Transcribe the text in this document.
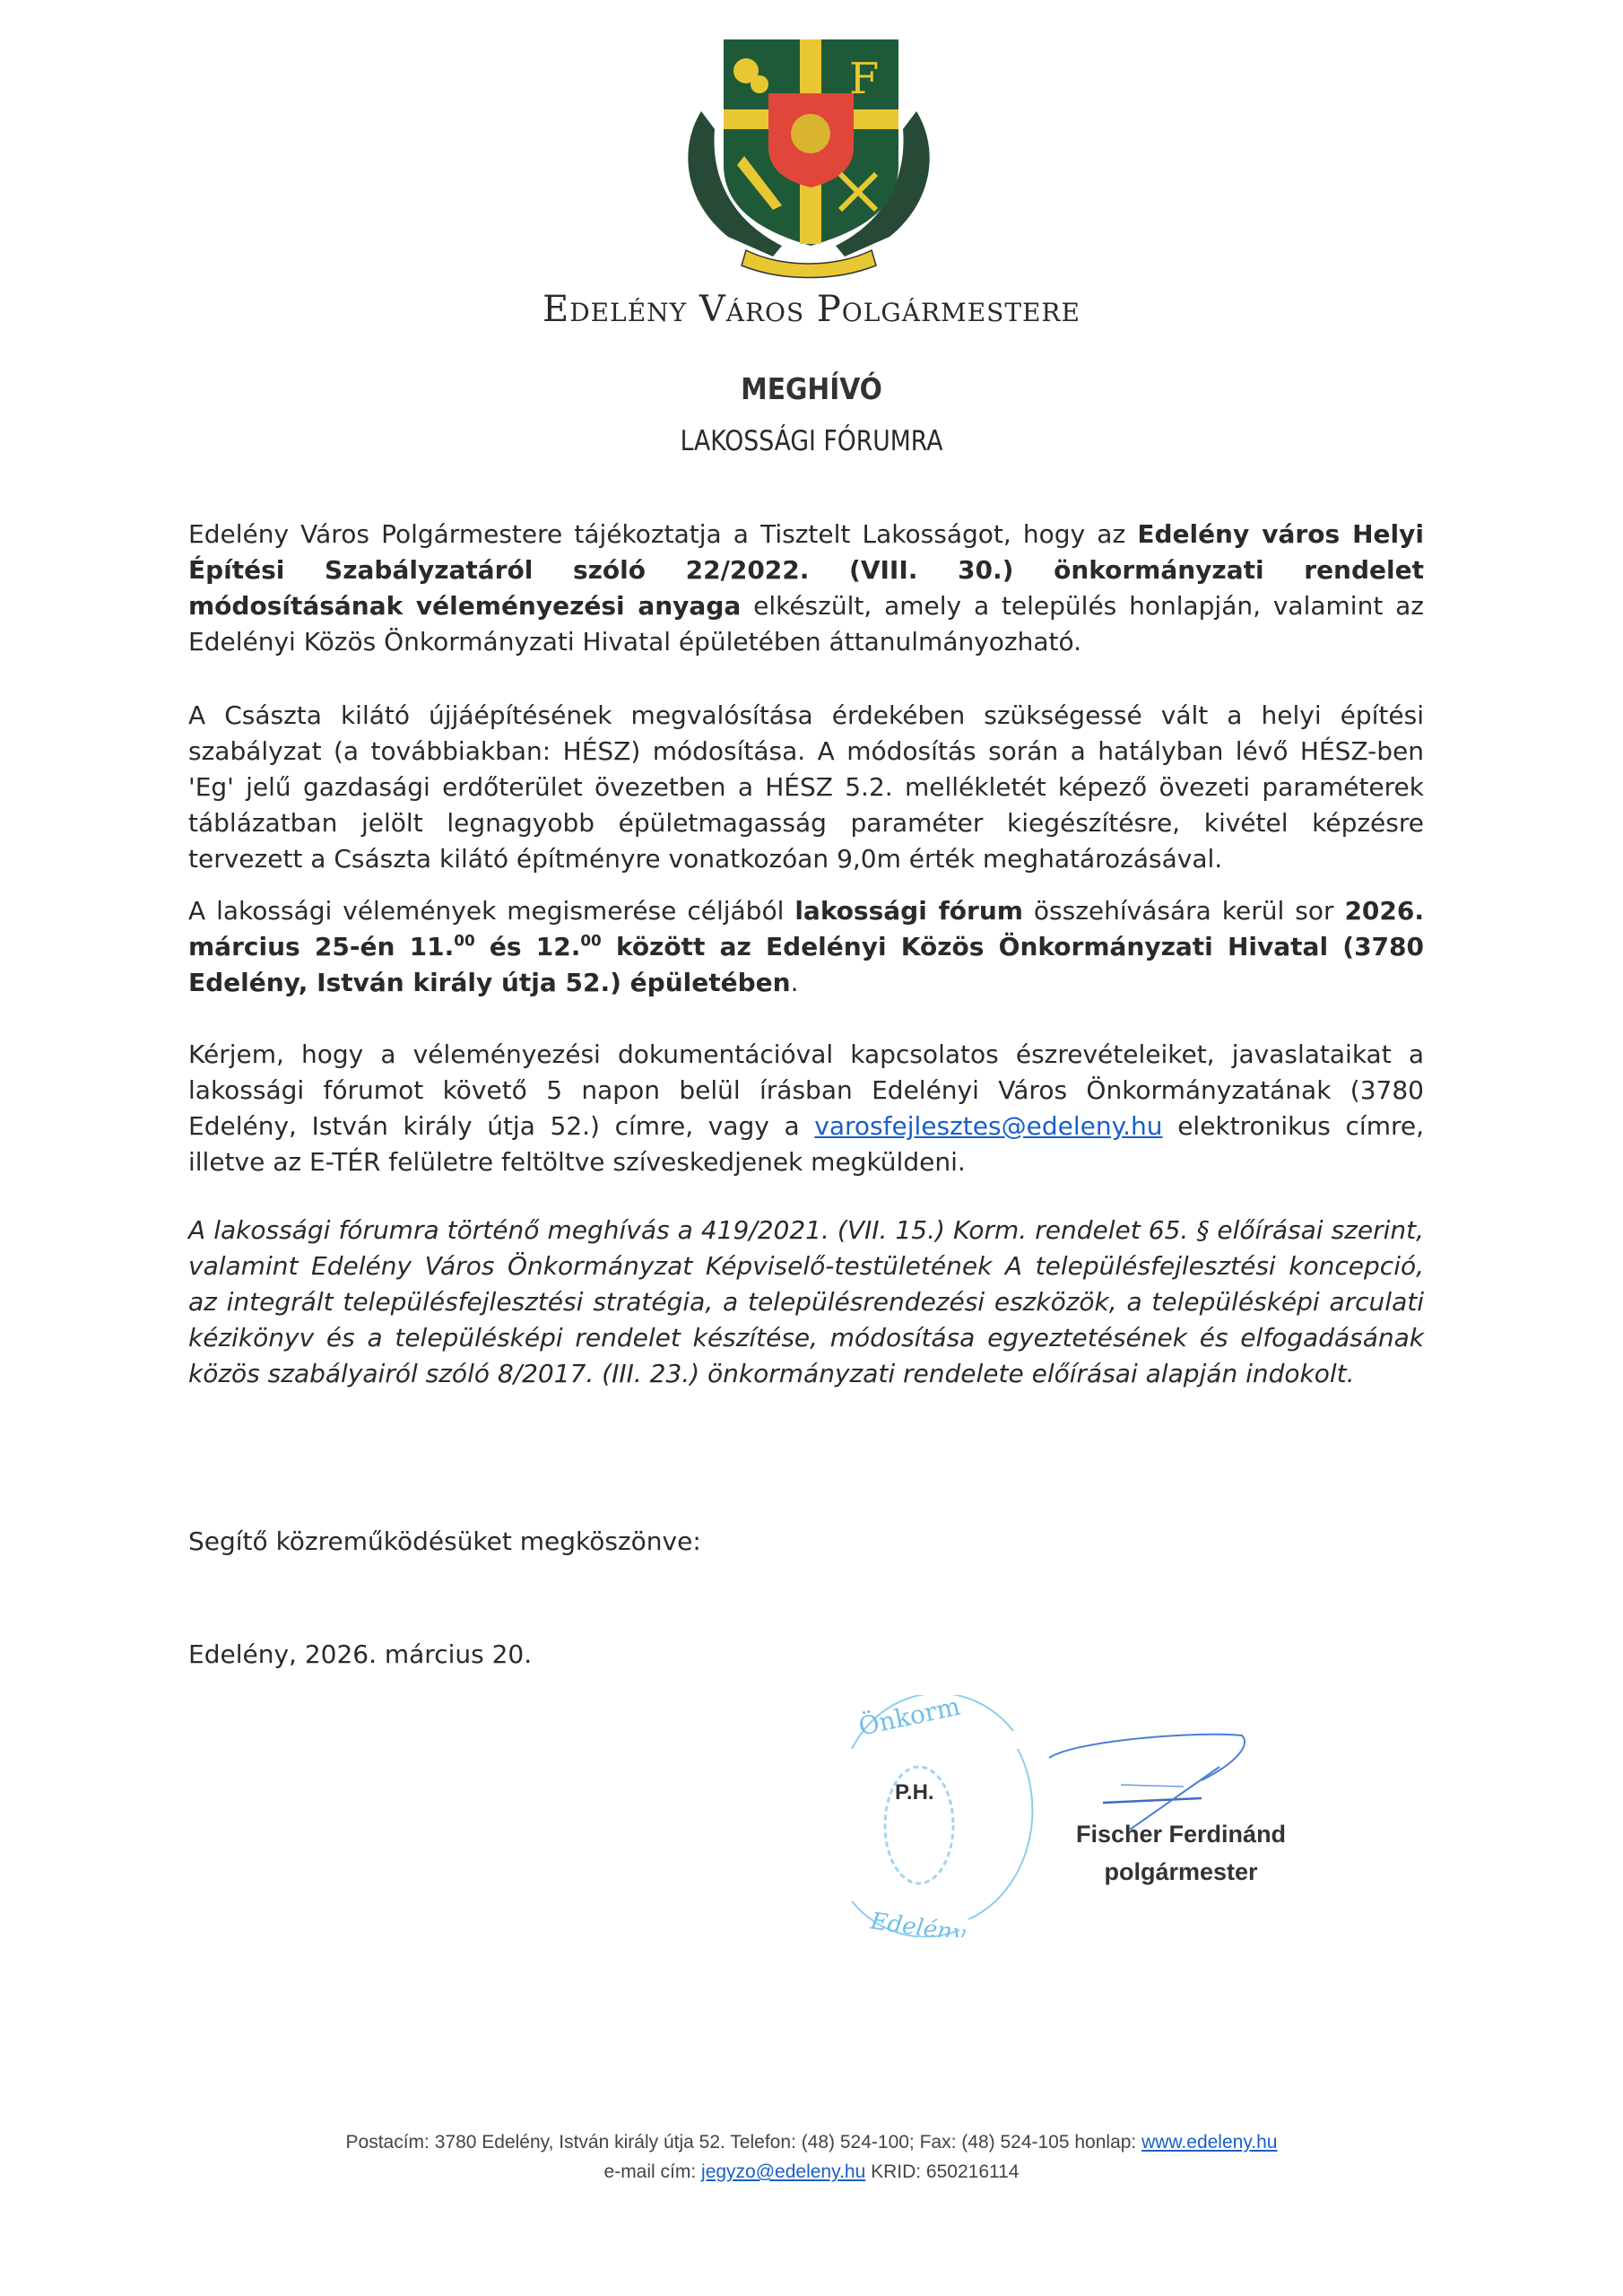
F
Edelény Város Polgármestere
MEGHÍVÓ
LAKOSSÁGI FÓRUMRA
Edelény Város Polgármestere tájékoztatja a Tisztelt Lakosságot, hogy az Edelény város Helyi Építési Szabályzatáról szóló 22/2022. (VIII. 30.) önkormányzati rendelet módosításának véleményezési anyaga elkészült, amely a település honlapján, valamint az Edelényi Közös Önkormányzati Hivatal épületében áttanulmányozható.
A Császta kilátó újjáépítésének megvalósítása érdekében szükségessé vált a helyi építési szabályzat (a továbbiakban: HÉSZ) módosítása. A módosítás során a hatályban lévő HÉSZ-ben 'Eg' jelű gazdasági erdőterület övezetben a HÉSZ 5.2. mellékletét képező övezeti paraméterek táblázatban jelölt legnagyobb épületmagasság paraméter kiegészítésre, kivétel képzésre tervezett a Császta kilátó építményre vonatkozóan 9,0m érték meghatározásával.
A lakossági vélemények megismerése céljából lakossági fórum összehívására kerül sor 2026. március 25-én 11.00 és 12.00 között az Edelényi Közös Önkormányzati Hivatal (3780 Edelény, István király útja 52.) épületében.
Kérjem, hogy a véleményezési dokumentációval kapcsolatos észrevételeiket, javaslataikat a lakossági fórumot követő 5 napon belül írásban Edelényi Város Önkormányzatának (3780 Edelény, István király útja 52.) címre, vagy a varosfejlesztes@edeleny.hu elektronikus címre, illetve az E-TÉR felületre feltöltve szíveskedjenek megküldeni.
A lakossági fórumra történő meghívás a 419/2021. (VII. 15.) Korm. rendelet 65. § előírásai szerint, valamint Edelény Város Önkormányzat Képviselő-testületének A településfejlesztési koncepció, az integrált településfejlesztési stratégia, a településrendezési eszközök, a településképi arculati kézikönyv és a településképi rendelet készítése, módosítása egyeztetésének és elfogadásának közös szabályairól szóló 8/2017. (III. 23.) önkormányzati rendelete előírásai alapján indokolt.
Segítő közreműködésüket megköszönve:
Edelény, 2026. március 20.
Önkorm
Edelény
P.H.
Fischer Ferdinánd
polgármester
Postacím: 3780 Edelény, István király útja 52. Telefon: (48) 524-100; Fax: (48) 524-105 honlap: www.edeleny.hu
e-mail cím: jegyzo@edeleny.hu KRID: 650216114
